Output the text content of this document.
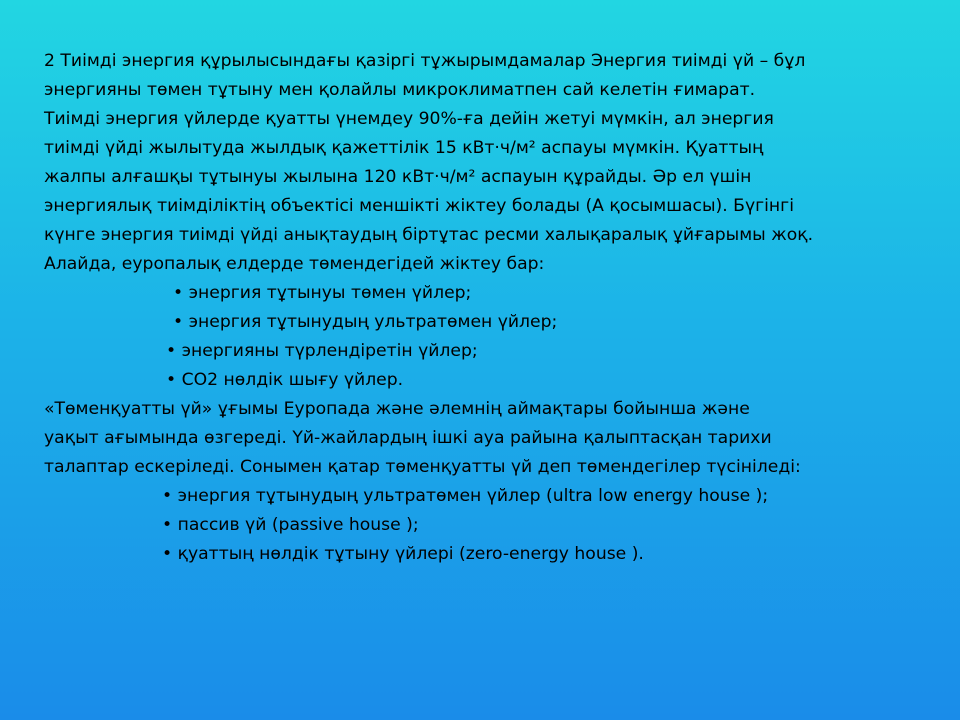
2 Тиімді энергия құрылысындағы қазіргі тұжырымдамалар Энергия тиімді үй – бұл
энергияны төмен тұтыну мен қолайлы микроклиматпен сай келетін ғимарат.
Тиімді энергия үйлерде қуатты үнемдеу 90%-ға дейін жетуі мүмкін, ал энергия
тиімді үйді жылытуда жылдық қажеттілік 15 кВт·ч/м² аспауы мүмкін. Қуаттың
жалпы алғашқы тұтынуы жылына 120 кВт·ч/м² аспауын құрайды. Әр ел үшін
энергиялық тиімділіктің объектісі меншікті жіктеу болады (А қосымшасы). Бүгінгі
күнге энергия тиімді үйді анықтаудың біртұтас ресми халықаралық ұйғарымы жоқ.
Алайда, еуропалық елдерде төмендегідей жіктеу бар:

• энергия тұтынуы төмен үйлер;
• энергия тұтынудың ультратөмен үйлер;
• энергияны түрлендіретін үйлер;
• СО2 нөлдік шығу үйлер.

«Төменқуатты үй» ұғымы Еуропада және әлемнің аймақтары бойынша және
уақыт ағымында өзгереді. Үй-жайлардың ішкі ауа райына қалыптасқан тарихи
талаптар ескеріледі. Сонымен қатар төменқуатты үй деп төмендегілер түсініледі:

• энергия тұтынудың ультратөмен үйлер (ultra low energy house );
• пассив үй (passive house );
• қуаттың нөлдік тұтыну үйлері (zero-energy house ).
